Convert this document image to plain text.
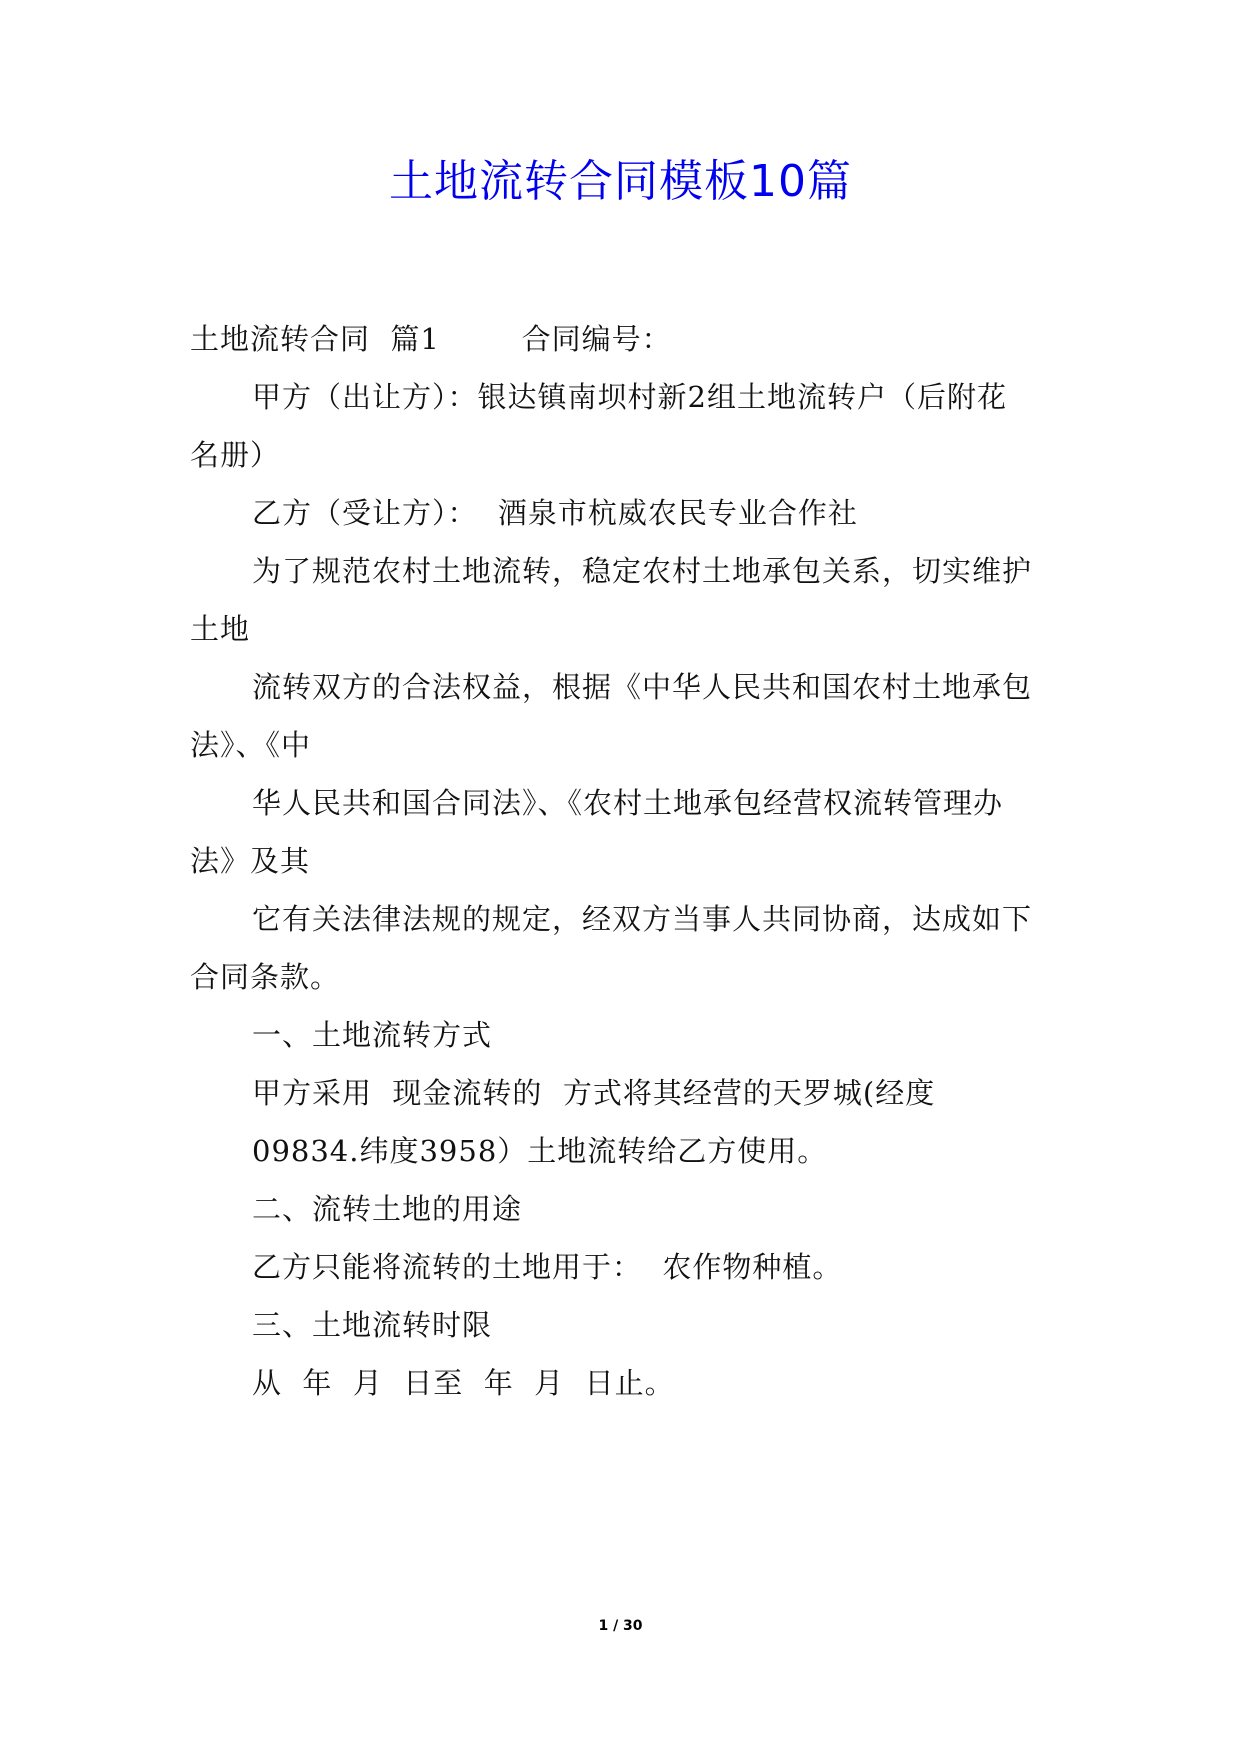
土地流转合同模板10篇
土地流转合同  篇1        合同编号：
甲方（出让方）：银达镇南坝村新2组土地流转户（后附花
名册）
乙方（受让方）：  酒泉市杭威农民专业合作社
为了规范农村土地流转，稳定农村土地承包关系，切实维护
土地
流转双方的合法权益，根据《中华人民共和国农村土地承包
法》、《中
华人民共和国合同法》、《农村土地承包经营权流转管理办
法》及其
它有关法律法规的规定，经双方当事人共同协商，达成如下
合同条款。
一、土地流转方式
甲方采用  现金流转的  方式将其经营的天罗城(经度
09834.纬度3958）土地流转给乙方使用。
二、流转土地的用途
乙方只能将流转的土地用于：  农作物种植。
三、土地流转时限
从  年  月  日至  年  月  日止。
1 / 30
